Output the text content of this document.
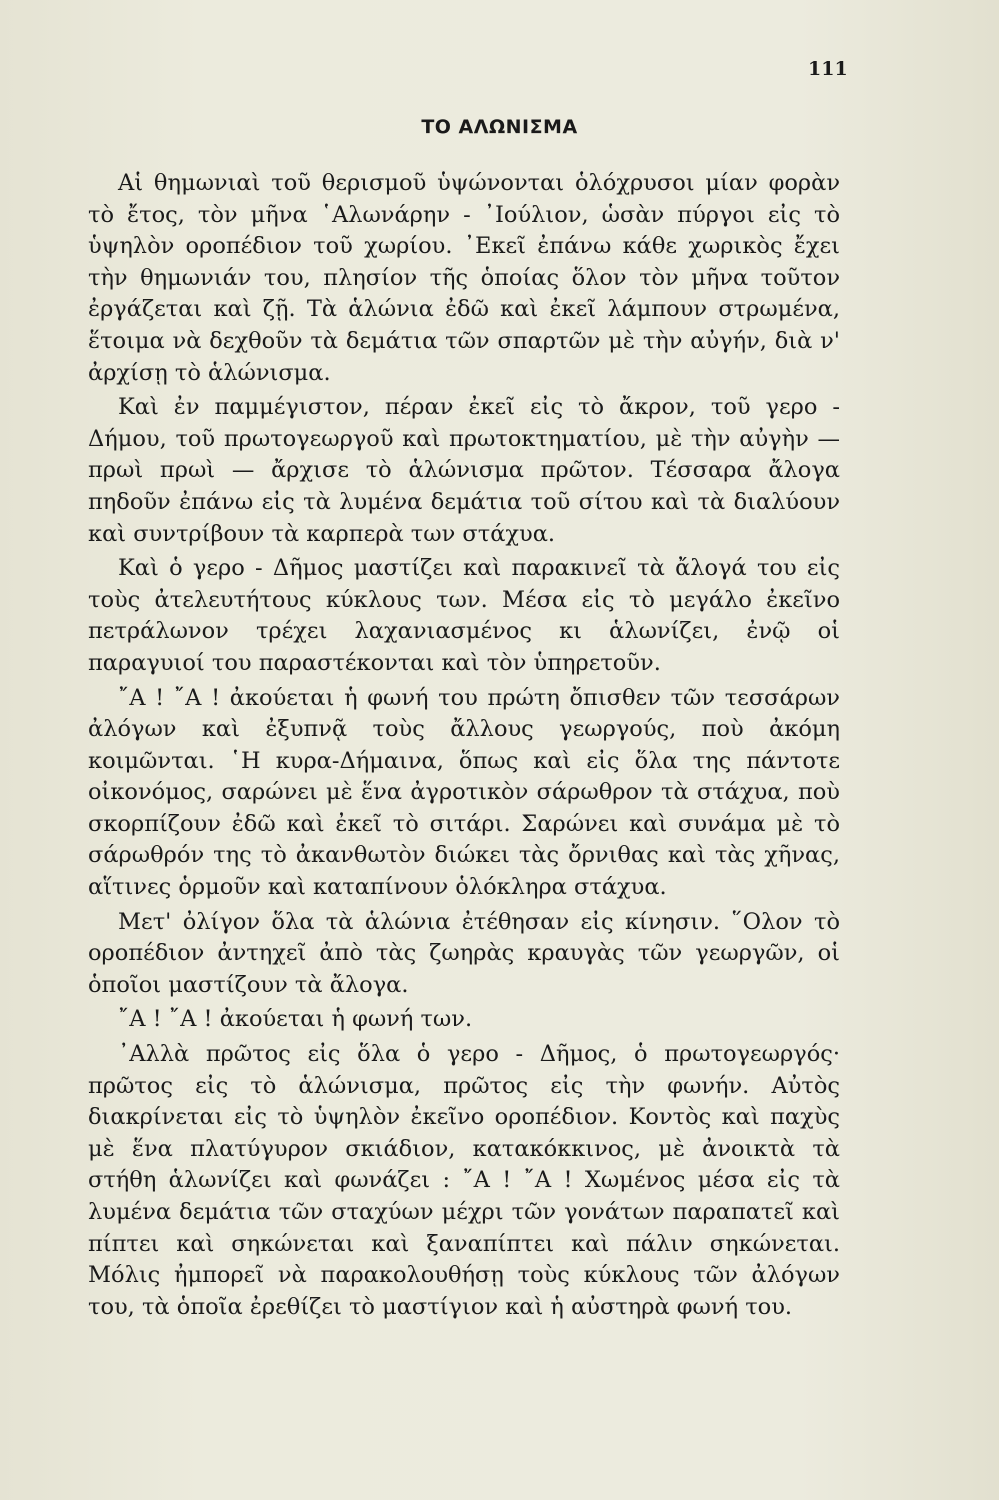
111
ΤΟ ΑΛΩΝΙΣΜΑ

Αἱ θημωνιαὶ τοῦ θερισμοῦ ὑψώνονται ὁλόχρυσοι μίαν φορὰν τὸ ἔτος, τὸν μῆνα ῾Αλωνάρην - ᾿Ιούλιον, ὡσὰν πύργοι εἰς τὸ ὑψηλὸν οροπέδιον τοῦ χωρίου. ᾿Εκεῖ ἐπάνω κάθε χωρικὸς ἔχει τὴν θημωνιάν του, πλησίον τῆς ὁποίας ὅλον τὸν μῆνα τοῦτον ἐργάζεται καὶ ζῇ. Τὰ ἁλώνια ἐδῶ καὶ ἐκεῖ λάμπουν στρωμένα, ἕτοιμα νὰ δεχθοῦν τὰ δεμάτια τῶν σπαρτῶν μὲ τὴν αὐγήν, διὰ ν' ἀρχίσῃ τὸ ἁλώνισμα.

Καὶ ἐν παμμέγιστον, πέραν ἐκεῖ εἰς τὸ ἄκρον, τοῦ γερο - Δήμου, τοῦ πρωτογεωργοῦ καὶ πρωτοκτηματίου, μὲ τὴν αὐγὴν — πρωὶ πρωὶ — ἄρχισε τὸ ἁλώνισμα πρῶτον. Τέσσαρα ἄλογα πηδοῦν ἐπάνω εἰς τὰ λυμένα δεμάτια τοῦ σίτου καὶ τὰ διαλύουν καὶ συντρίβουν τὰ καρπερὰ των στάχυα.

Καὶ ὁ γερο - Δῆμος μαστίζει καὶ παρακινεῖ τὰ ἄλογά του εἰς τοὺς ἀτελευτήτους κύκλους των. Μέσα εἰς τὸ μεγάλο ἐκεῖνο πετράλωνον τρέχει λαχανιασμένος κι ἁλωνίζει, ἐνῷ οἱ παραγυιοί του παραστέκονται καὶ τὸν ὑπηρετοῦν.

῎Α ! ῎Α ! ἀκούεται ἡ φωνή του πρώτη ὄπισθεν τῶν τεσσάρων ἀλόγων καὶ ἐξυπνᾷ τοὺς ἄλλους γεωργούς, ποὺ ἀκόμη κοιμῶνται. ῾Η κυρα-Δήμαινα, ὅπως καὶ εἰς ὅλα της πάντοτε οἰκονόμος, σαρώνει μὲ ἕνα ἀγροτικὸν σάρωθρον τὰ στάχυα, ποὺ σκορπίζουν ἐδῶ καὶ ἐκεῖ τὸ σιτάρι. Σαρώνει καὶ συνάμα μὲ τὸ σάρωθρόν της τὸ ἀκανθωτὸν διώκει τὰς ὄρνιθας καὶ τὰς χῆνας, αἵτινες ὁρμοῦν καὶ καταπίνουν ὁλόκληρα στάχυα.

Μετ' ὀλίγον ὅλα τὰ ἁλώνια ἐτέθησαν εἰς κίνησιν. ῞Ολον τὸ οροπέδιον ἀντηχεῖ ἀπὸ τὰς ζωηρὰς κραυγὰς τῶν γεωργῶν, οἱ ὁποῖοι μαστίζουν τὰ ἄλογα.

῎Α ! ῎Α ! ἀκούεται ἡ φωνή των.

᾿Αλλὰ πρῶτος εἰς ὅλα ὁ γερο - Δῆμος, ὁ πρωτογεωργός· πρῶτος εἰς τὸ ἁλώνισμα, πρῶτος εἰς τὴν φωνήν. Αὐτὸς διακρίνεται εἰς τὸ ὑψηλὸν ἐκεῖνο οροπέδιον. Κοντὸς καὶ παχὺς μὲ ἕνα πλατύγυρον σκιάδιον, κατακόκκινος, μὲ ἀνοικτὰ τὰ στήθη ἁλωνίζει καὶ φωνάζει : ῎Α ! ῎Α ! Χωμένος μέσα εἰς τὰ λυμένα δεμάτια τῶν σταχύων μέχρι τῶν γονάτων παραπατεῖ καὶ πίπτει καὶ σηκώνεται καὶ ξαναπίπτει καὶ πάλιν σηκώνεται. Μόλις ἠμπορεῖ νὰ παρακολουθήσῃ τοὺς κύκλους τῶν ἀλόγων του, τὰ ὁποῖα ἐρεθίζει τὸ μαστίγιον καὶ ἡ αὐστηρὰ φωνή του.
